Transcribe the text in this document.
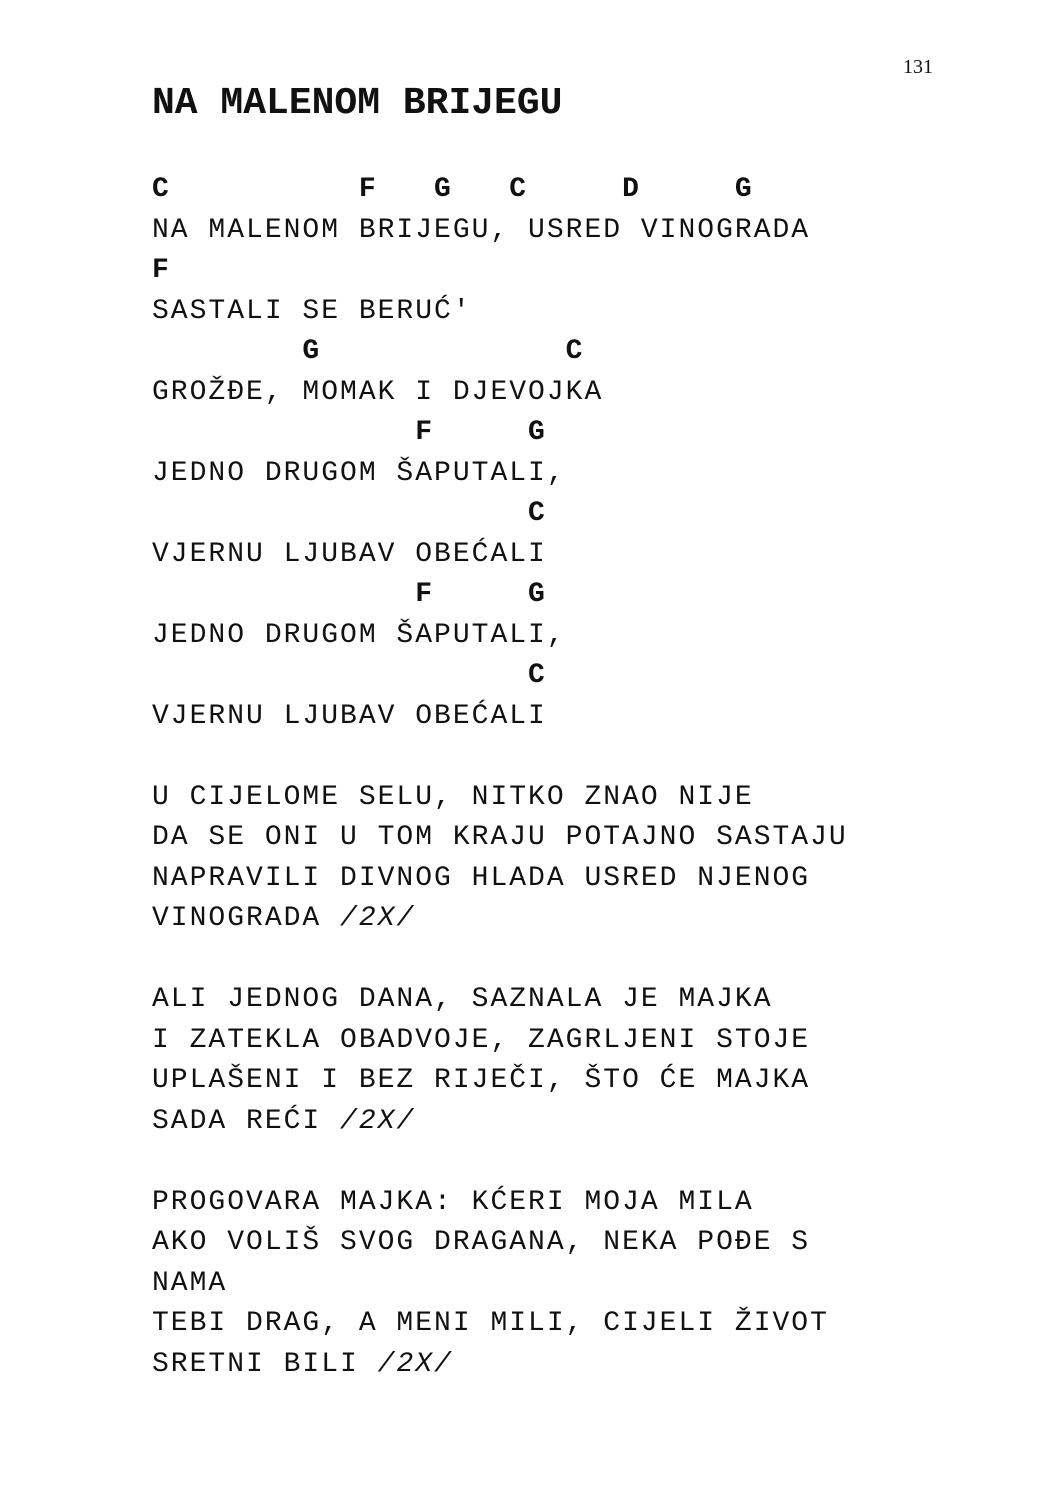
131
NA MALENOM BRIJEGU
C          F   G   C     D     G
NA MALENOM BRIJEGU, USRED VINOGRADA
F
SASTALI SE BERUĆ'
G             C
GROŽĐE, MOMAK I DJEVOJKA
F     G
JEDNO DRUGOM ŠAPUTALI,
C
VJERNU LJUBAV OBEĆALI
F     G
JEDNO DRUGOM ŠAPUTALI,
C
VJERNU LJUBAV OBEĆALI
U CIJELOME SELU, NITKO ZNAO NIJE
DA SE ONI U TOM KRAJU POTAJNO SASTAJU
NAPRAVILI DIVNOG HLADA USRED NJENOG
VINOGRADA /2X/
ALI JEDNOG DANA, SAZNALA JE MAJKA
I ZATEKLA OBADVOJE, ZAGRLJENI STOJE
UPLAŠENI I BEZ RIJEČI, ŠTO ĆE MAJKA
SADA REĆI /2X/
PROGOVARA MAJKA: KĆERI MOJA MILA
AKO VOLIŠ SVOG DRAGANA, NEKA POĐE S
NAMA
TEBI DRAG, A MENI MILI, CIJELI ŽIVOT
SRETNI BILI /2X/
